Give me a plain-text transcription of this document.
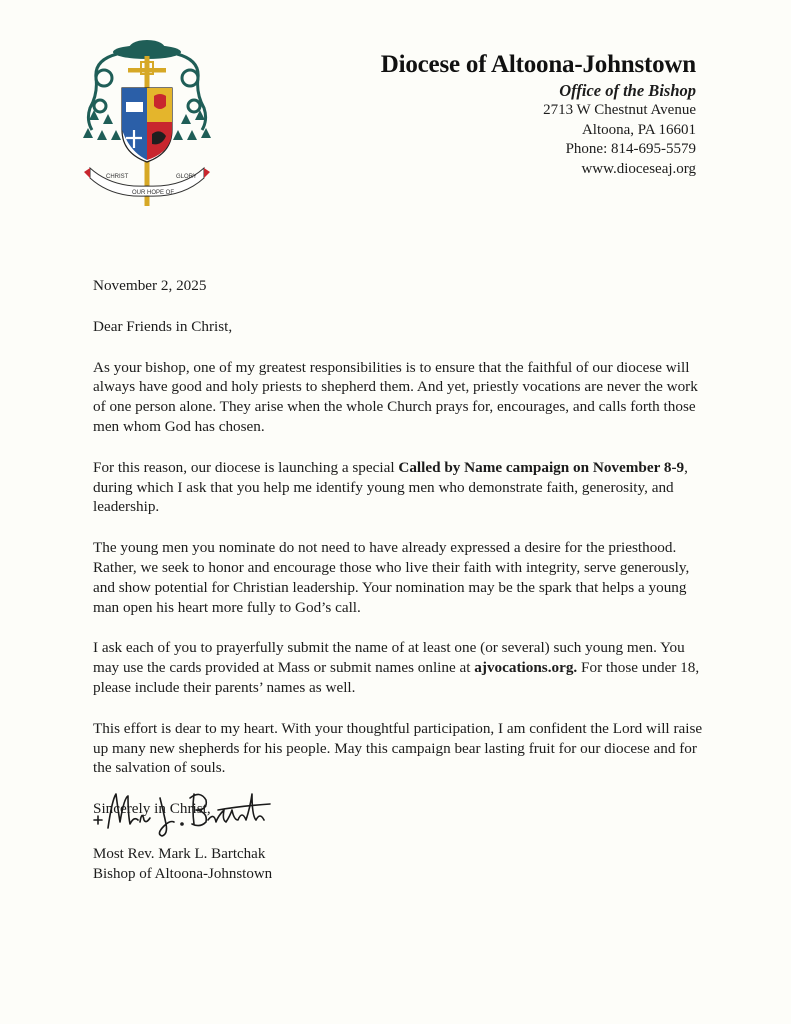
CHRIST
OUR HOPE OF
GLORY
Diocese of Altoona-Johnstown
Office of the Bishop
2713 W Chestnut Avenue
Altoona, PA 16601
Phone: 814-695-5579
www.dioceseaj.org

November 2, 2025

Dear Friends in Christ,

As your bishop, one of my greatest responsibilities is to ensure that the faithful of our diocese will always have good and holy priests to shepherd them. And yet, priestly vocations are never the work of one person alone. They arise when the whole Church prays for, encourages, and calls forth those men whom God has chosen.

For this reason, our diocese is launching a special Called by Name campaign on November 8-9, during which I ask that you help me identify young men who demonstrate faith, generosity, and leadership.

The young men you nominate do not need to have already expressed a desire for the priesthood. Rather, we seek to honor and encourage those who live their faith with integrity, serve generously, and show potential for Christian leadership. Your nomination may be the spark that helps a young man open his heart more fully to God’s call.

I ask each of you to prayerfully submit the name of at least one (or several) such young men. You may use the cards provided at Mass or submit names online at ajvocations.org. For those under 18, please include their parents’ names as well.

This effort is dear to my heart. With your thoughtful participation, I am confident the Lord will raise up many new shepherds for his people. May this campaign bear lasting fruit for our diocese and for the salvation of souls.

Sincerely in Christ,

Most Rev. Mark L. Bartchak
Bishop of Altoona-Johnstown
